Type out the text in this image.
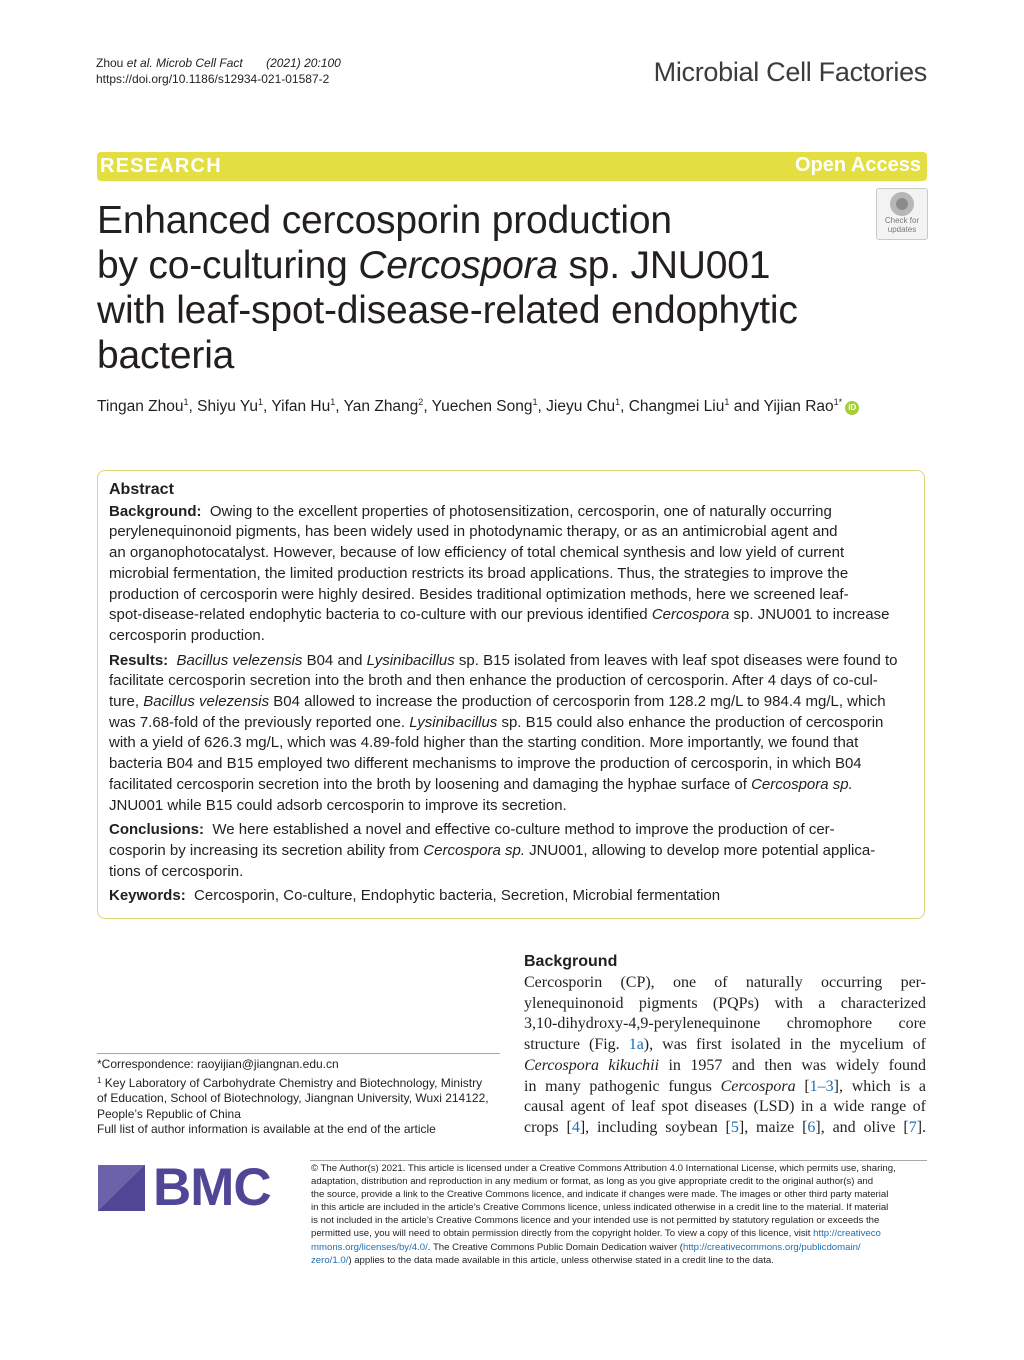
Zhou et al. Microb Cell Fact (2021) 20:100
https://doi.org/10.1186/s12934-021-01587-2	Microbial Cell Factories
RESEARCH	Open Access
Enhanced cercosporin production
by co-culturing Cercospora sp. JNU001
with leaf-spot-disease-related endophytic
bacteria
Check for
updates
Tingan Zhou$^1$, Shiyu Yu$^1$, Yifan Hu$^1$, Yan Zhang$^2$, Yuechen Song$^1$, Jieyu Chu$^1$, Changmei Liu$^1$ and Yijian Rao$^{1*}$iD
Abstract

Background: Owing to the excellent properties of photosensitization, cercosporin, one of naturally occurring
perylenequinonoid pigments, has been widely used in photodynamic therapy, or as an antimicrobial agent and
an organophotocatalyst. However, because of low efficiency of total chemical synthesis and low yield of current
microbial fermentation, the limited production restricts its broad applications. Thus, the strategies to improve the
production of cercosporin were highly desired. Besides traditional optimization methods, here we screened leaf-
spot-disease-related endophytic bacteria to co-culture with our previous identified Cercospora sp. JNU001 to increase
cercosporin production.

Results: Bacillus velezensis B04 and Lysinibacillus sp. B15 isolated from leaves with leaf spot diseases were found to
facilitate cercosporin secretion into the broth and then enhance the production of cercosporin. After 4 days of co-cul-
ture, Bacillus velezensis B04 allowed to increase the production of cercosporin from 128.2 mg/L to 984.4 mg/L, which
was 7.68-fold of the previously reported one. Lysinibacillus sp. B15 could also enhance the production of cercosporin
with a yield of 626.3 mg/L, which was 4.89-fold higher than the starting condition. More importantly, we found that
bacteria B04 and B15 employed two different mechanisms to improve the production of cercosporin, in which B04
facilitated cercosporin secretion into the broth by loosening and damaging the hyphae surface of Cercospora sp.
JNU001 while B15 could adsorb cercosporin to improve its secretion.

Conclusions: We here established a novel and effective co-culture method to improve the production of cer-
cosporin by increasing its secretion ability from Cercospora sp. JNU001, allowing to develop more potential applica-
tions of cercosporin.

Keywords: Cercosporin, Co-culture, Endophytic bacteria, Secretion, Microbial fermentation

Background
Cercosporin (CP), one of naturally occurring per-
ylenequinonoid pigments (PQPs) with a characterized
3,10-dihydroxy-4,9-perylenequinone chromophore core
structure (Fig. 1a), was first isolated in the mycelium of
Cercospora kikuchii in 1957 and then was widely found
in many pathogenic fungus Cercospora [1–3], which is a
causal agent of leaf spot diseases (LSD) in a wide range of
crops [4], including soybean [5], maize [6], and olive [7].
*Correspondence: raoyijian@jiangnan.edu.cn
$^1$ Key Laboratory of Carbohydrate Chemistry and Biotechnology, Ministry
of Education, School of Biotechnology, Jiangnan University, Wuxi 214122,
People’s Republic of China
Full list of author information is available at the end of the article
BMC	© The Author(s) 2021. This article is licensed under a Creative Commons Attribution 4.0 International License, which permits use, sharing,
adaptation, distribution and reproduction in any medium or format, as long as you give appropriate credit to the original author(s) and
the source, provide a link to the Creative Commons licence, and indicate if changes were made. The images or other third party material
in this article are included in the article’s Creative Commons licence, unless indicated otherwise in a credit line to the material. If material
is not included in the article’s Creative Commons licence and your intended use is not permitted by statutory regulation or exceeds the
permitted use, you will need to obtain permission directly from the copyright holder. To view a copy of this licence, visit http://creativeco
mmons.org/licenses/by/4.0/. The Creative Commons Public Domain Dedication waiver (http://creativecommons.org/publicdomain/
zero/1.0/) applies to the data made available in this article, unless otherwise stated in a credit line to the data.
